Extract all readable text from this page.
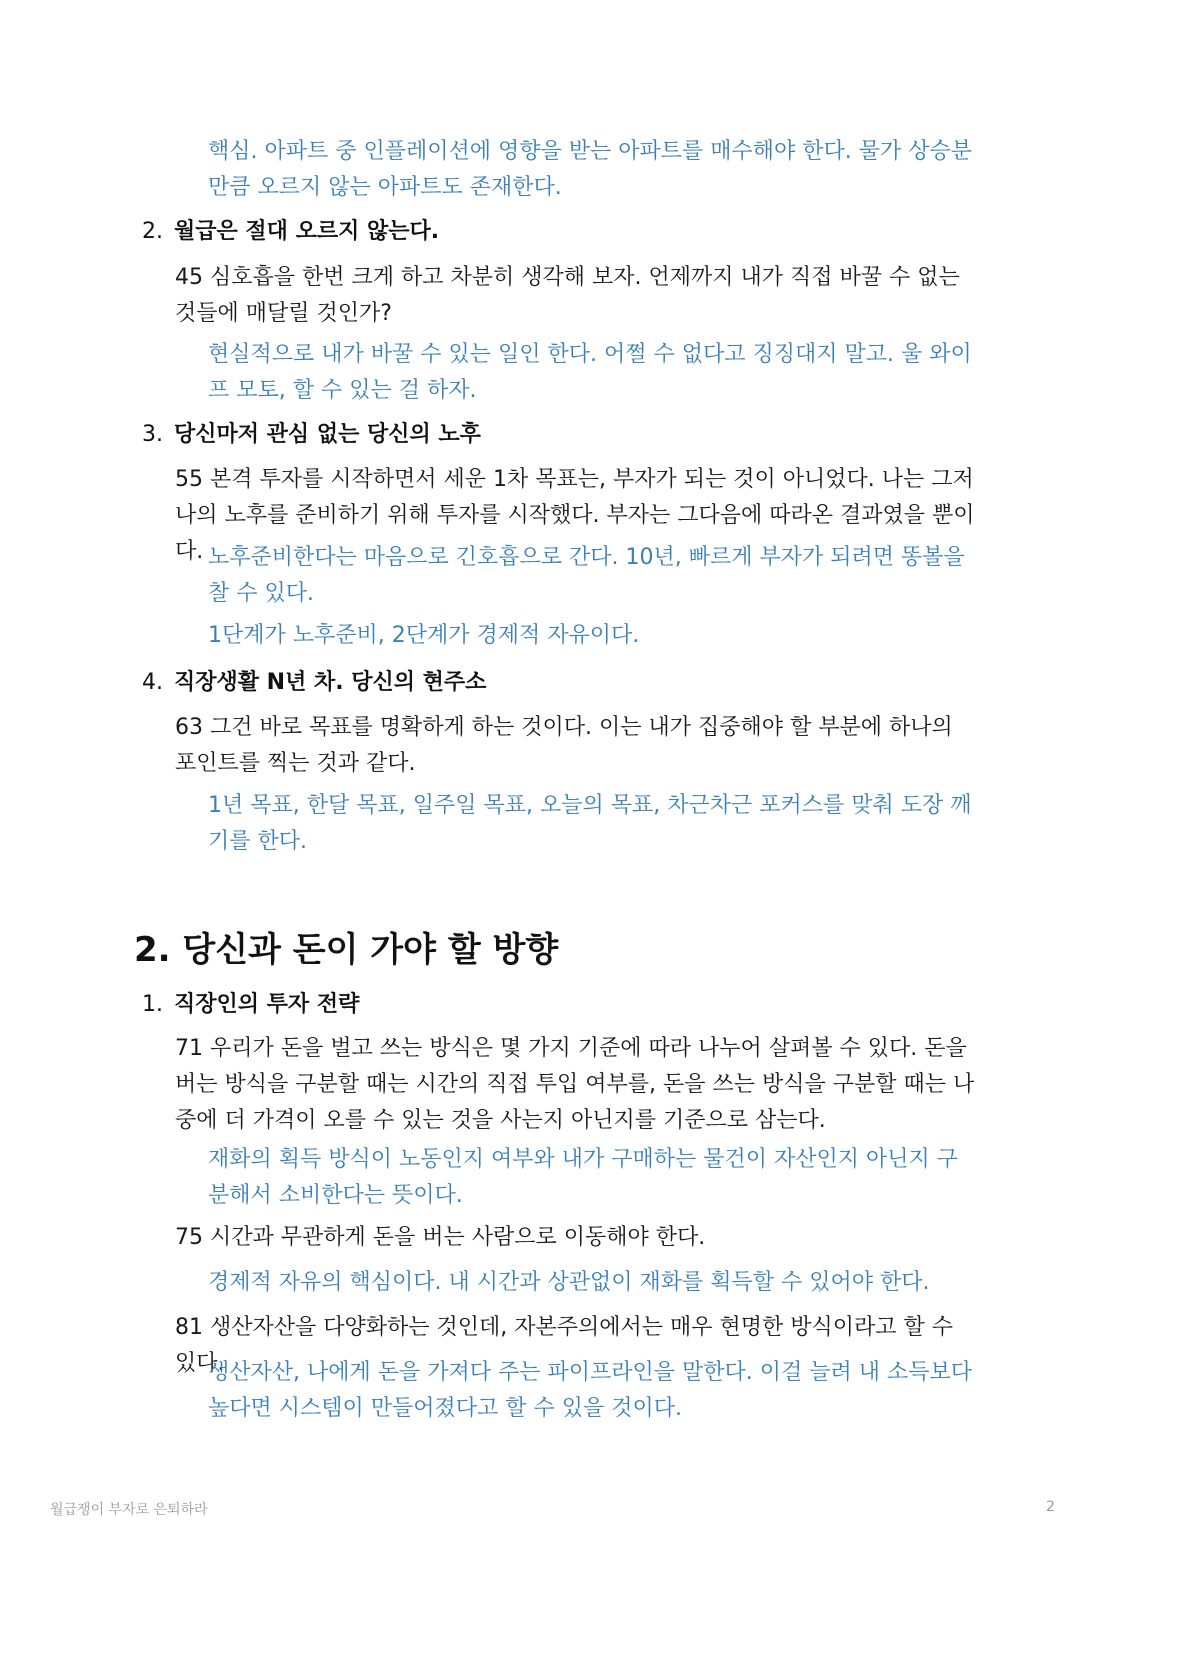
핵심. 아파트 중 인플레이션에 영향을 받는 아파트를 매수해야 한다. 물가 상승분 만큼 오르지 않는 아파트도 존재한다.

2. 월급은 절대 오르지 않는다.

45 심호흡을 한번 크게 하고 차분히 생각해 보자. 언제까지 내가 직접 바꿀 수 없는 것들에 매달릴 것인가?

현실적으로 내가 바꿀 수 있는 일인 한다. 어쩔 수 없다고 징징대지 말고. 울 와이프 모토, 할 수 있는 걸 하자.

3. 당신마저 관심 없는 당신의 노후

55 본격 투자를 시작하면서 세운 1차 목표는, 부자가 되는 것이 아니었다. 나는 그저 나의 노후를 준비하기 위해 투자를 시작했다. 부자는 그다음에 따라온 결과였을 뿐이다. 노후준비한다는 마음으로 긴호흡으로 간다. 10년, 빠르게 부자가 되려면 똥볼을 찰 수 있다.

1단계가 노후준비, 2단계가 경제적 자유이다.

4. 직장생활 N년 차. 당신의 현주소

63 그건 바로 목표를 명확하게 하는 것이다. 이는 내가 집중해야 할 부분에 하나의 포인트를 찍는 것과 같다.

1년 목표, 한달 목표, 일주일 목표, 오늘의 목표, 차근차근 포커스를 맞춰 도장 깨기를 한다.

2. 당신과 돈이 가야 할 방향
1. 직장인의 투자 전략

71 우리가 돈을 벌고 쓰는 방식은 몇 가지 기준에 따라 나누어 살펴볼 수 있다. 돈을 버는 방식을 구분할 때는 시간의 직접 투입 여부를, 돈을 쓰는 방식을 구분할 때는 나중에 더 가격이 오를 수 있는 것을 사는지 아닌지를 기준으로 삼는다.

재화의 획득 방식이 노동인지 여부와 내가 구매하는 물건이 자산인지 아닌지 구분해서 소비한다는 뜻이다.

75 시간과 무관하게 돈을 버는 사람으로 이동해야 한다.

경제적 자유의 핵심이다. 내 시간과 상관없이 재화를 획득할 수 있어야 한다.

81 생산자산을 다양화하는 것인데, 자본주의에서는 매우 현명한 방식이라고 할 수 있다.

생산자산, 나에게 돈을 가져다 주는 파이프라인을 말한다. 이걸 늘려 내 소득보다 높다면 시스템이 만들어졌다고 할 수 있을 것이다.

월급쟁이 부자로 은퇴하라	2
